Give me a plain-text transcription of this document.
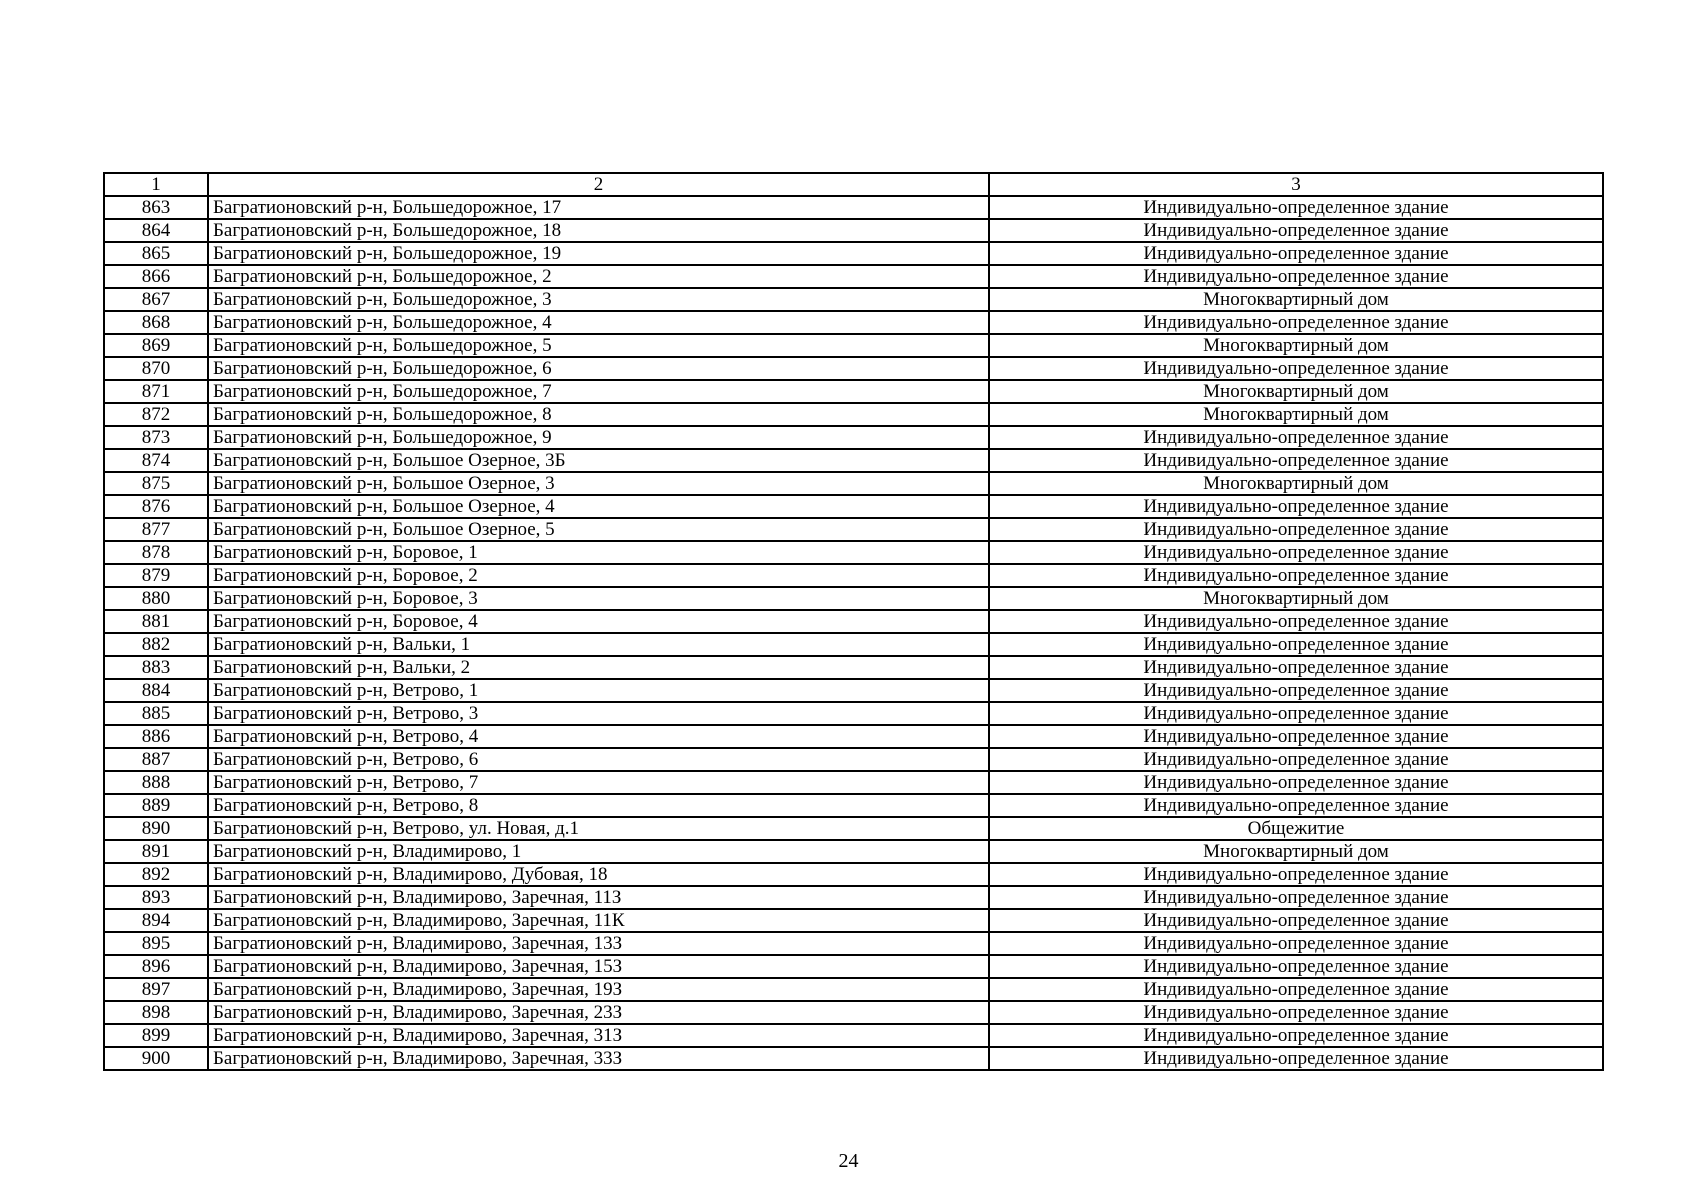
1	2	3
863	Багратионовский р-н, Большедорожное, 17	Индивидуально-определенное здание
864	Багратионовский р-н, Большедорожное, 18	Индивидуально-определенное здание
865	Багратионовский р-н, Большедорожное, 19	Индивидуально-определенное здание
866	Багратионовский р-н, Большедорожное, 2	Индивидуально-определенное здание
867	Багратионовский р-н, Большедорожное, 3	Многоквартирный дом
868	Багратионовский р-н, Большедорожное, 4	Индивидуально-определенное здание
869	Багратионовский р-н, Большедорожное, 5	Многоквартирный дом
870	Багратионовский р-н, Большедорожное, 6	Индивидуально-определенное здание
871	Багратионовский р-н, Большедорожное, 7	Многоквартирный дом
872	Багратионовский р-н, Большедорожное, 8	Многоквартирный дом
873	Багратионовский р-н, Большедорожное, 9	Индивидуально-определенное здание
874	Багратионовский р-н, Большое Озерное, 3Б	Индивидуально-определенное здание
875	Багратионовский р-н, Большое Озерное, 3	Многоквартирный дом
876	Багратионовский р-н, Большое Озерное, 4	Индивидуально-определенное здание
877	Багратионовский р-н, Большое Озерное, 5	Индивидуально-определенное здание
878	Багратионовский р-н, Боровое, 1	Индивидуально-определенное здание
879	Багратионовский р-н, Боровое, 2	Индивидуально-определенное здание
880	Багратионовский р-н, Боровое, 3	Многоквартирный дом
881	Багратионовский р-н, Боровое, 4	Индивидуально-определенное здание
882	Багратионовский р-н, Вальки, 1	Индивидуально-определенное здание
883	Багратионовский р-н, Вальки, 2	Индивидуально-определенное здание
884	Багратионовский р-н, Ветрово, 1	Индивидуально-определенное здание
885	Багратионовский р-н, Ветрово, 3	Индивидуально-определенное здание
886	Багратионовский р-н, Ветрово, 4	Индивидуально-определенное здание
887	Багратионовский р-н, Ветрово, 6	Индивидуально-определенное здание
888	Багратионовский р-н, Ветрово, 7	Индивидуально-определенное здание
889	Багратионовский р-н, Ветрово, 8	Индивидуально-определенное здание
890	Багратионовский р-н, Ветрово, ул. Новая, д.1	Общежитие
891	Багратионовский р-н, Владимирово, 1	Многоквартирный дом
892	Багратионовский р-н, Владимирово, Дубовая, 18	Индивидуально-определенное здание
893	Багратионовский р-н, Владимирово, Заречная, 11З	Индивидуально-определенное здание
894	Багратионовский р-н, Владимирово, Заречная, 11К	Индивидуально-определенное здание
895	Багратионовский р-н, Владимирово, Заречная, 13З	Индивидуально-определенное здание
896	Багратионовский р-н, Владимирово, Заречная, 15З	Индивидуально-определенное здание
897	Багратионовский р-н, Владимирово, Заречная, 19З	Индивидуально-определенное здание
898	Багратионовский р-н, Владимирово, Заречная, 23З	Индивидуально-определенное здание
899	Багратионовский р-н, Владимирово, Заречная, 31З	Индивидуально-определенное здание
900	Багратионовский р-н, Владимирово, Заречная, 33З	Индивидуально-определенное здание
24
